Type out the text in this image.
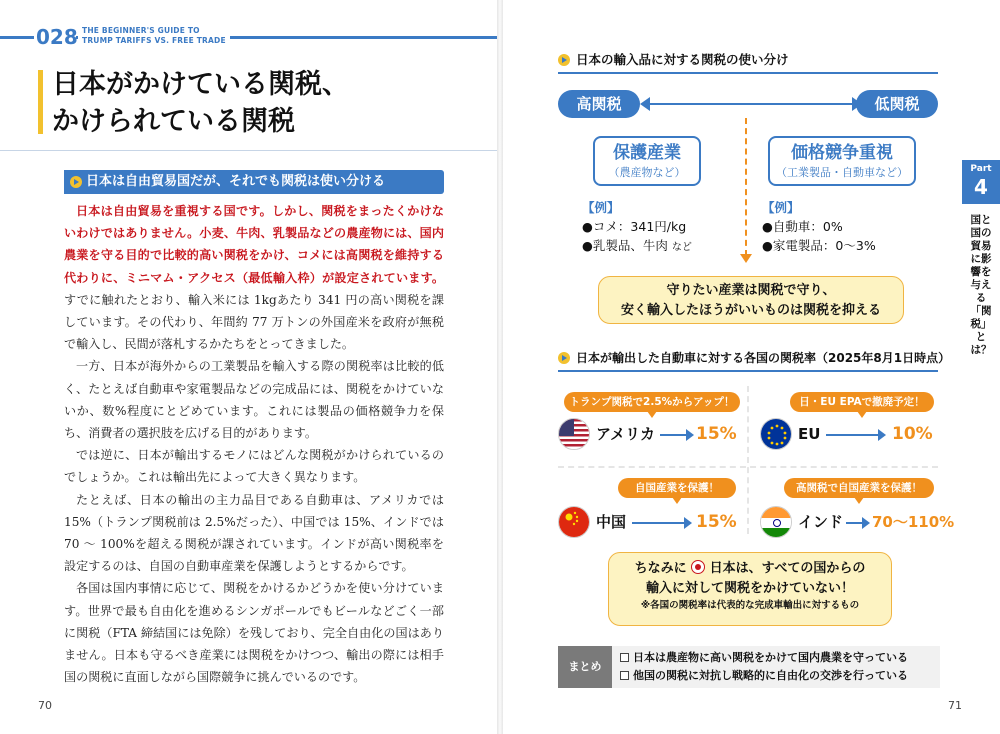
028 THE BEGINNER'S GUIDE TO
TRUMP TARIFFS VS. FREE TRADE
日本がかけている関税、
かけられている関税
日本は自由貿易国だが、それでも関税は使い分ける

日本は自由貿易を重視する国です。しかし、関税をまったくかけないわけではありません。小麦、牛肉、乳製品などの農産物には、国内農業を守る目的で比較的高い関税をかけ、コメには高関税を維持する代わりに、ミニマム・アクセス（最低輸入枠）が設定されています。すでに触れたとおり、輸入米には 1kgあたり 341 円の高い関税を課しています。その代わり、年間約 77 万トンの外国産米を政府が無税で輸入し、民間が落札するかたちをとってきました。

一方、日本が海外からの工業製品を輸入する際の関税率は比較的低く、たとえば自動車や家電製品などの完成品には、関税をかけていないか、数%程度にとどめています。これには製品の価格競争力を保ち、消費者の選択肢を広げる目的があります。

では逆に、日本が輸出するモノにはどんな関税がかけられているのでしょうか。これは輸出先によって大きく異なります。

たとえば、日本の輸出の主力品目である自動車は、アメリカでは 15%（トランプ関税前は 2.5%だった）、中国では 15%、インドでは 70 〜 100%を超える関税が課されています。インドが高い関税率を設定するのは、自国の自動車産業を保護しようとするからです。

各国は国内事情に応じて、関税をかけるかどうかを使い分けています。世界で最も自由化を進めるシンガポールでもビールなどごく一部に関税（FTA 締結国には免除）を残しており、完全自由化の国はありません。日本も守るべき産業には関税をかけつつ、輸出の際には相手国の関税に直面しながら国際競争に挑んでいるのです。

70
日本の輸入品に対する関税の使い分け
高関税	低関税
保護産業
（農産物など）
価格競争重視
（工業製品・自動車など）
【例】
●コメ：341円/kg
●乳製品、牛肉 など
【例】
●自動車：0%
●家電製品：0〜3%
守りたい産業は関税で守り、
安く輸入したほうがいいものは関税を抑える
日本が輸出した自動車に対する各国の関税率（2025年8月1日時点）
トランプ関税で2.5%からアップ！
アメリカ 15%
日・EU EPAで撤廃予定！
EU	10%
自国産業を保護！
中国	15%
高関税で自国産業を保護！
インド 70〜110%
ちなみに 日本は、すべての国からの
輸入に対して関税をかけていない！
※各国の関税率は代表的な完成車輸出に対するもの
まとめ
日本は農産物に高い関税をかけて国内農業を守っている
他国の関税に対抗し戦略的に自由化の交渉を行っている
Part
4
国と国の貿易に影響を与える「関税」とは？
71
